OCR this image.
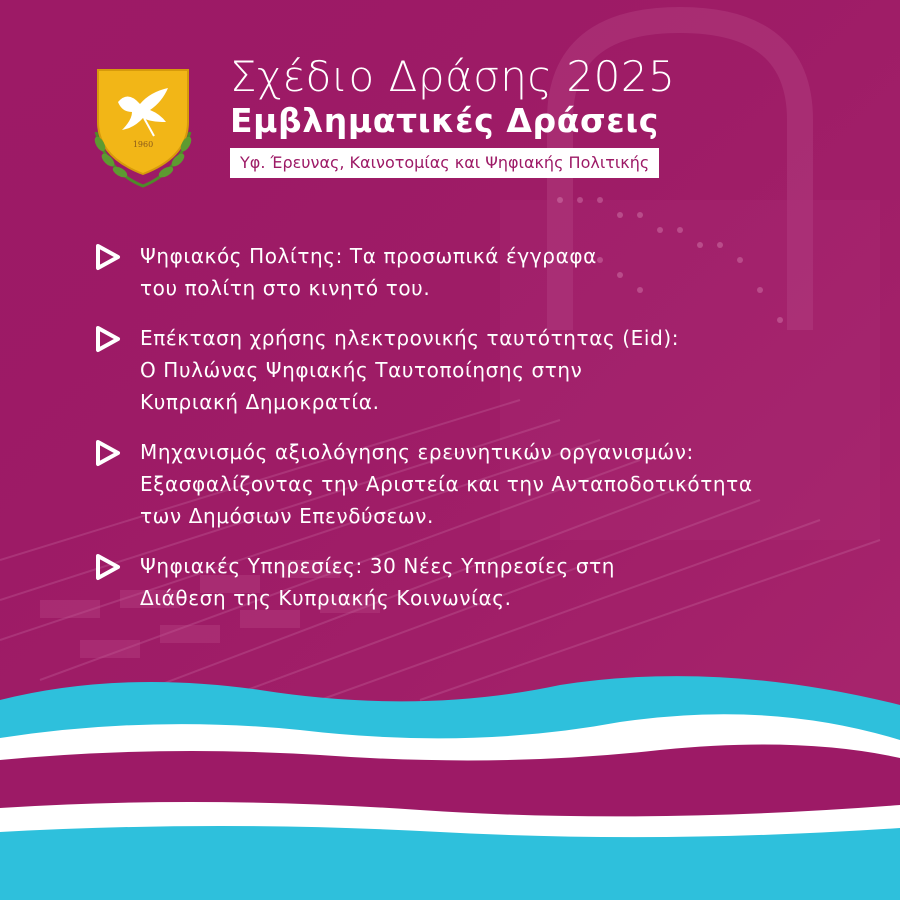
1960
Σχέδιο Δράσης 2025
Εμβληματικές Δράσεις
Υφ. Έρευνας, Καινοτομίας και Ψηφιακής Πολιτικής
Ψηφιακός Πολίτης: Τα προσωπικά έγγραφα
του πολίτη στο κινητό του.
Επέκταση χρήσης ηλεκτρονικής ταυτότητας (Eid):
Ο Πυλώνας Ψηφιακής Ταυτοποίησης στην
Κυπριακή Δημοκρατία.
Μηχανισμός αξιολόγησης ερευνητικών οργανισμών:
Εξασφαλίζοντας την Αριστεία και την Ανταποδοτικότητα
των Δημόσιων Επενδύσεων.
Ψηφιακές Υπηρεσίες: 30 Νέες Υπηρεσίες στη
Διάθεση της Κυπριακής Κοινωνίας.
